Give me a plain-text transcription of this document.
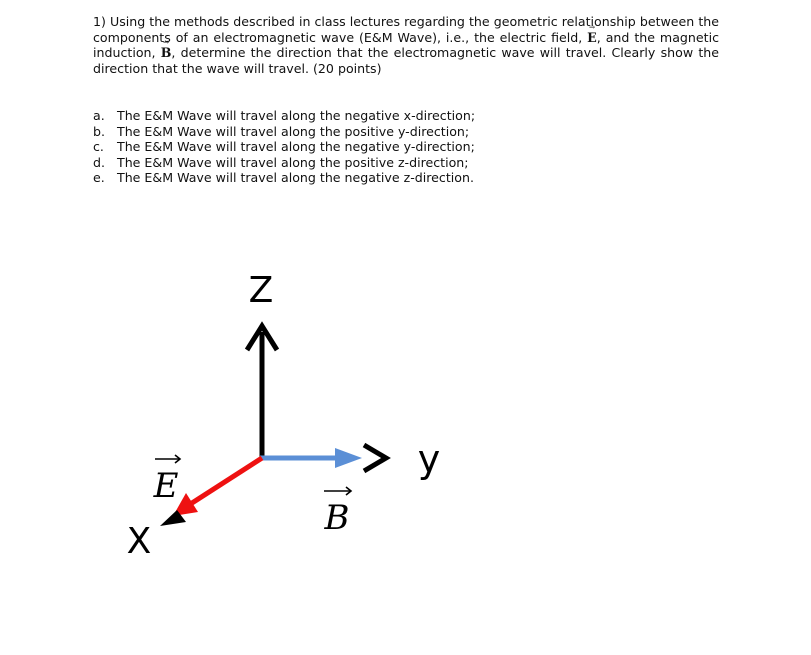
1) Using the methods described in class lectures regarding the geometric relationship between the components of an electromagnetic wave (E&M Wave), i.e., the electric field, → E, and the magnetic induction, → B, determine the direction that the electromagnetic wave will travel. Clearly show the direction that the wave will travel. (20 points)
a. The E&M Wave will travel along the negative x-direction;
b. The E&M Wave will travel along the positive y-direction;
c. The E&M Wave will travel along the negative y-direction;
d. The E&M Wave will travel along the positive z-direction;
e. The E&M Wave will travel along the negative z-direction.
Z
y
X
E
B
